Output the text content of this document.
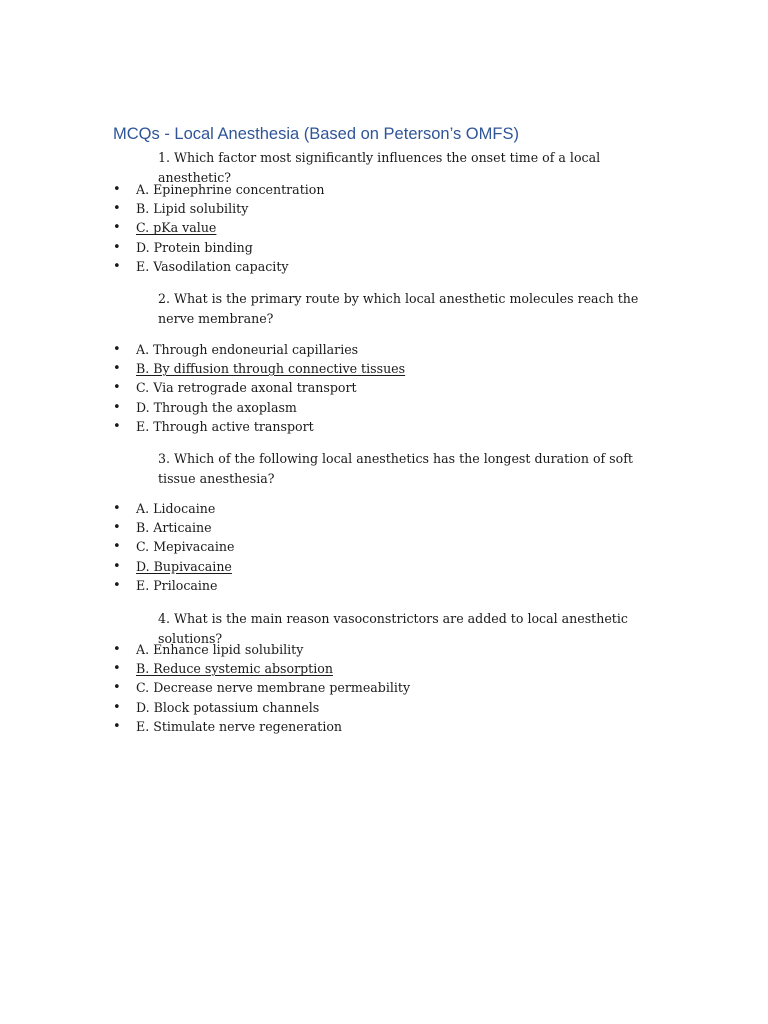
MCQs - Local Anesthesia (Based on Peterson’s OMFS)

1. Which factor most significantly influences the onset time of a local anesthetic?

• A. Epinephrine concentration
• B. Lipid solubility
• C. pKa value
• D. Protein binding
• E. Vasodilation capacity

2. What is the primary route by which local anesthetic molecules reach the nerve membrane?

• A. Through endoneurial capillaries
• B. By diffusion through connective tissues
• C. Via retrograde axonal transport
• D. Through the axoplasm
• E. Through active transport

3. Which of the following local anesthetics has the longest duration of soft tissue anesthesia?

• A. Lidocaine
• B. Articaine
• C. Mepivacaine
• D. Bupivacaine
• E. Prilocaine

4. What is the main reason vasoconstrictors are added to local anesthetic solutions?

• A. Enhance lipid solubility
• B. Reduce systemic absorption
• C. Decrease nerve membrane permeability
• D. Block potassium channels
• E. Stimulate nerve regeneration
